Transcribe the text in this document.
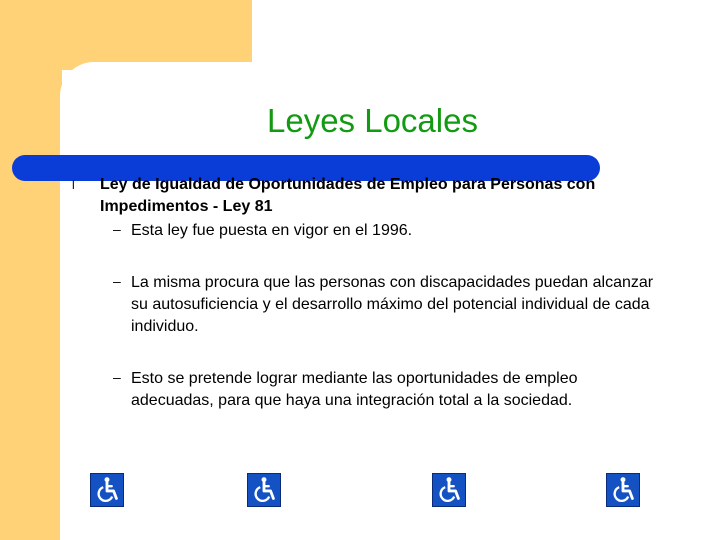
Leyes Locales
l Ley de Igualdad de Oportunidades de Empleo para Personas con Impedimentos - Ley 81
– Esta ley fue puesta en vigor en el 1996.
– La misma procura que las personas con discapacidades puedan alcanzar su autosuficiencia y el desarrollo máximo del potencial individual de cada individuo.
– Esto se pretende lograr mediante las oportunidades de empleo adecuadas, para que haya una integración total a la sociedad.
